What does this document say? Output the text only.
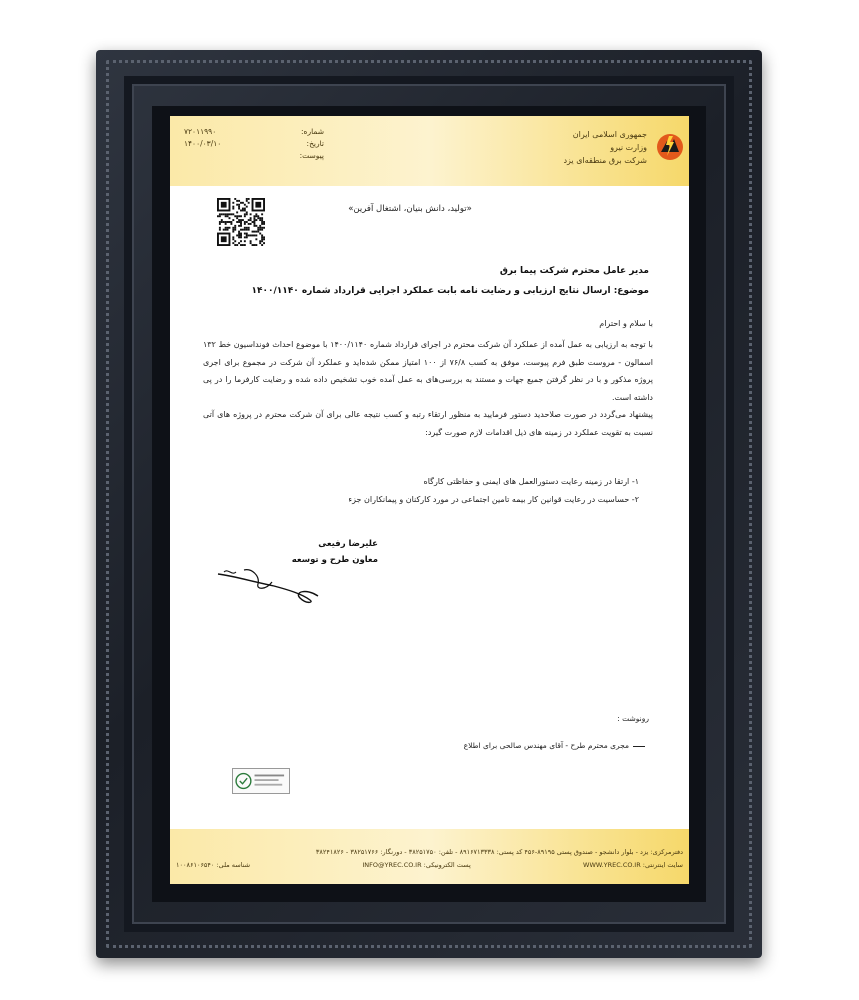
جمهوری اسلامی ایران
وزارت نیرو
شرکت برق منطقه‌ای یزد
شماره:
۷۲۰۱۱۹۹۰
تاریخ:
۱۴۰۰/۰۳/۱۰
پیوست:
«تولید، دانش بنیان، اشتغال آفرین»
مدیر عامل محترم شرکت پیما برق
موضوع: ارسال نتایج ارزیابی و رضایت نامه بابت عملکرد اجرایی قرارداد شماره ۱۴۰۰/۱۱۴۰
با سلام و احترام
با توجه به ارزیابی به عمل آمده از عملکرد آن شرکت محترم در اجرای قرارداد شماره ۱۴۰۰/۱۱۴۰ با موضوع احداث فونداسیون خط ۱۳۲ اسمالون - مروست طبق فرم پیوست، موفق به کسب ۷۶/۸ از ۱۰۰ امتیاز ممکن شده‌اید و عملکرد آن شرکت در مجموع برای اجری پروژه مذکور و با در نظر گرفتن جمیع جهات و مستند به بررسی‌های به عمل آمده خوب تشخیص داده شده و رضایت کارفرما را در پی داشته است.
پیشنهاد می‌گردد در صورت صلاحدید دستور فرمایید به منظور ارتقاء رتبه و کسب نتیجه عالی برای آن شرکت محترم در پروژه های آتی نسبت به تقویت عملکرد در زمینه های ذیل اقدامات لازم صورت گیرد:
۱- ارتقا در زمینه رعایت دستورالعمل های ایمنی و حفاظتی کارگاه
۲- حساسیت در رعایت قوانین کار بیمه تامین اجتماعی در مورد کارکنان و پیمانکاران جزء
علیرضا رفیعی
معاون طرح و توسعه
رونوشت :
مجری محترم طرح - آقای مهندس صالحی برای اطلاع
دفترمرکزی: یزد - بلوار دانشجو - صندوق پستی ۸۹۱۹۵-۴۵۶ کد پستی: ۸۹۱۶۷۱۳۳۳۸ - تلفن: ۳۸۲۵۱۷۵۰ - دورنگار: ۳۸۲۵۱۷۶۶ - ۳۸۲۴۱۸۲۶
سایت اینترنتی: WWW.YREC.CO.IR
پست الکترونیکی: INFO@YREC.CO.IR
شناسه ملی: ۱۰۰۸۶۱۰۶۵۴۰
